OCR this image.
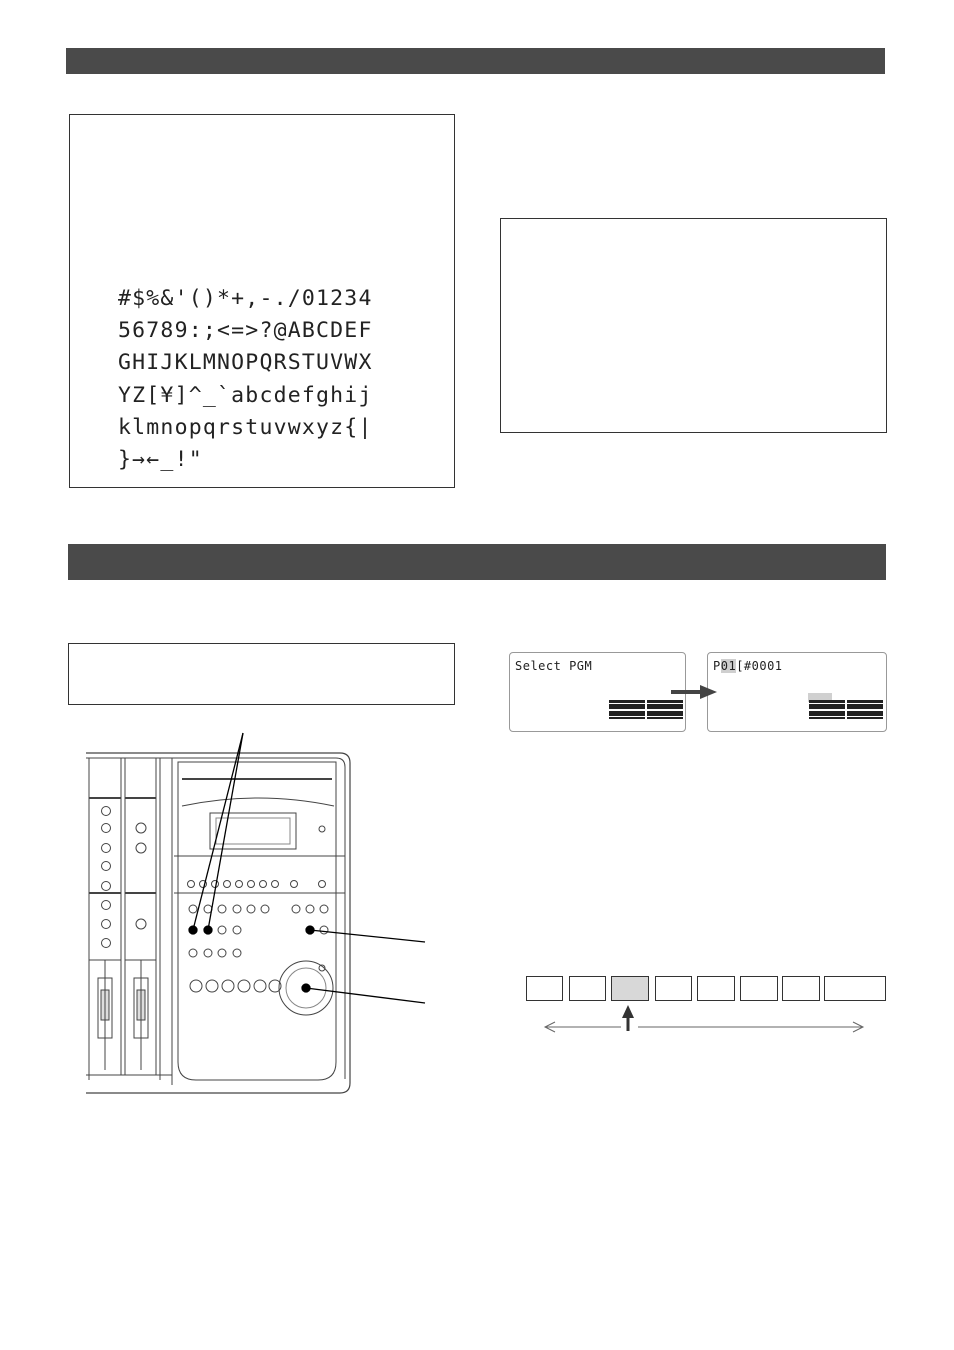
#$%&'()*+,-./01234
56789:;<=>?@ABCDEF
GHIJKLMNOPQRSTUVWX
YZ[¥]^_`abcdefghij
klmnopqrstuvwxyz{|
}→←_!"
Select PGM	P01[#0001
